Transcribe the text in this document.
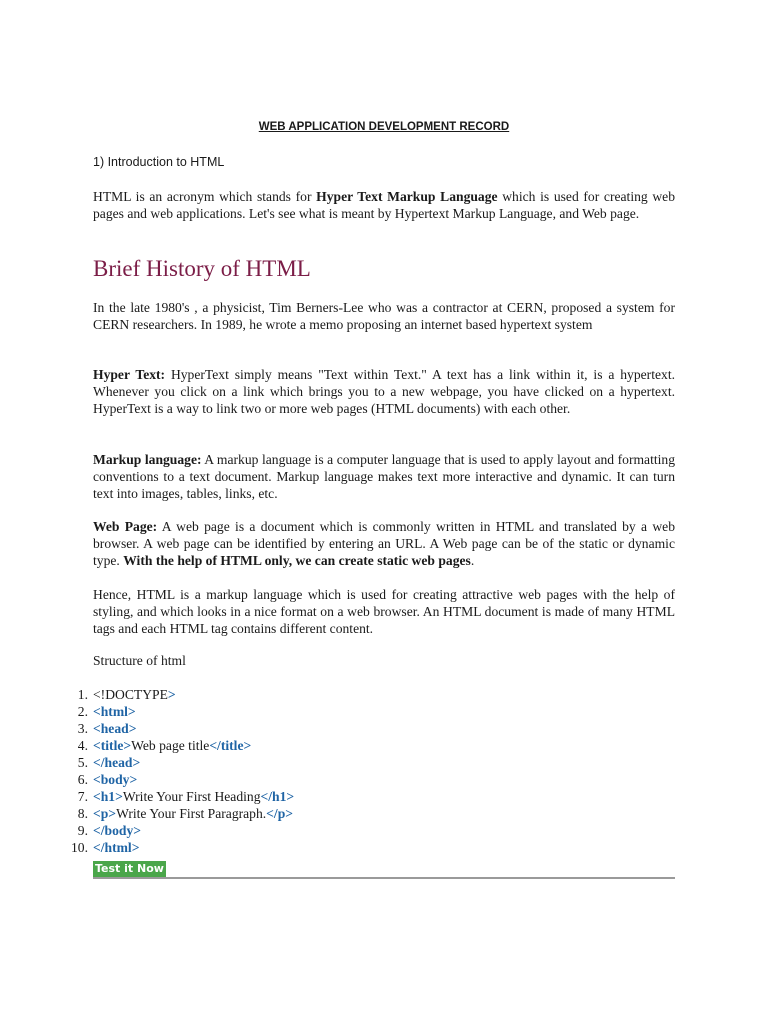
WEB APPLICATION DEVELOPMENT RECORD
1) Introduction to HTML
HTML is an acronym which stands for Hyper Text Markup Language which is used for creating web pages and web applications. Let's see what is meant by Hypertext Markup Language, and Web page.
Brief History of HTML
In the late 1980's , a physicist, Tim Berners-Lee who was a contractor at CERN, proposed a system for CERN researchers. In 1989, he wrote a memo proposing an internet based hypertext system
Hyper Text: HyperText simply means "Text within Text." A text has a link within it, is a hypertext. Whenever you click on a link which brings you to a new webpage, you have clicked on a hypertext. HyperText is a way to link two or more web pages (HTML documents) with each other.
Markup language: A markup language is a computer language that is used to apply layout and formatting conventions to a text document. Markup language makes text more interactive and dynamic. It can turn text into images, tables, links, etc.
Web Page: A web page is a document which is commonly written in HTML and translated by a web browser. A web page can be identified by entering an URL. A Web page can be of the static or dynamic type. With the help of HTML only, we can create static web pages.
Hence, HTML is a markup language which is used for creating attractive web pages with the help of styling, and which looks in a nice format on a web browser. An HTML document is made of many HTML tags and each HTML tag contains different content.
Structure of html
1. <!DOCTYPE>
2. <html>
3. <head>
4. <title>Web page title</title>
5. </head>
6. <body>
7. <h1>Write Your First Heading</h1>
8. <p>Write Your First Paragraph.</p>
9. </body>
10. </html>
Test it Now
